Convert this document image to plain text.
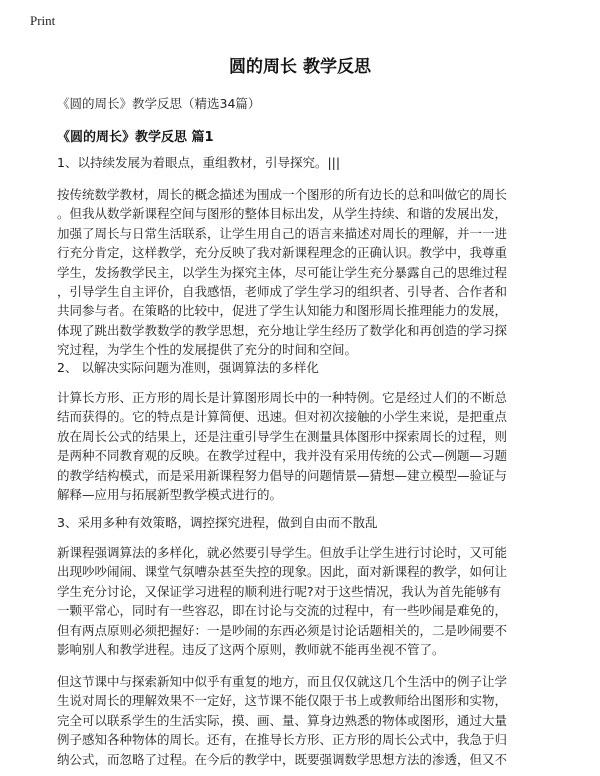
Print
圆的周长 教学反思
《圆的周长》教学反思（精选34篇）
《圆的周长》教学反思 篇1
1、以持续发展为着眼点，重组教材，引导探究。|||
按传统数学教材，周长的概念描述为围成一个图形的所有边长的总和叫做它的周长
。但我从数学新课程空间与图形的整体目标出发，从学生持续、和谐的发展出发，
加强了周长与日常生活联系，让学生用自己的语言来描述对周长的理解，并一一进
行充分肯定，这样教学，充分反映了我对新课程理念的正确认识。教学中，我尊重
学生，发扬教学民主，以学生为探究主体，尽可能让学生充分暴露自己的思维过程
，引导学生自主评价，自我感悟，老师成了学生学习的组织者、引导者、合作者和
共同参与者。在策略的比较中，促进了学生认知能力和图形周长推理能力的发展，
体现了跳出数学教数学的教学思想，充分地让学生经历了数学化和再创造的学习探
究过程，为学生个性的发展提供了充分的时间和空间。
2、 以解决实际问题为准则，强调算法的多样化
计算长方形、正方形的周长是计算图形周长中的一种特例。它是经过人们的不断总
结而获得的。它的特点是计算简便、迅速。但对初次接触的小学生来说，是把重点
放在周长公式的结果上，还是注重引导学生在测量具体图形中探索周长的过程，则
是两种不同教育观的反映。在教学过程中，我并没有采用传统的公式—例题—习题
的教学结构模式，而是采用新课程努力倡导的问题情景—猜想—建立模型—验证与
解释—应用与拓展新型教学模式进行的。
3、采用多种有效策略，调控探究进程，做到自由而不散乱
新课程强调算法的多样化，就必然要引导学生。但放手让学生进行讨论时，又可能
出现吵吵闹闹、课堂气氛嘈杂甚至失控的现象。因此，面对新课程的教学，如何让
学生充分讨论，又保证学习进程的顺利进行呢?对于这些情况，我认为首先能够有
一颗平常心，同时有一些容忍，即在讨论与交流的过程中，有一些吵闹是难免的，
但有两点原则必须把握好：一是吵闹的东西必须是讨论话题相关的，二是吵闹要不
影响别人和教学进程。违反了这两个原则，教师就不能再坐视不管了。
但这节课中与探索新知中似乎有重复的地方，而且仅仅就这几个生活中的例子让学
生说对周长的理解效果不一定好，这节课不能仅限于书上或教师给出图形和实物，
完全可以联系学生的生活实际，摸、画、量、算身边熟悉的物体或图形，通过大量
例子感知各种物体的周长。还有，在推导长方形、正方形的周长公式中，我急于归
纳公式，而忽略了过程。在今后的教学中，既要强调数学思想方法的渗透，但又不
